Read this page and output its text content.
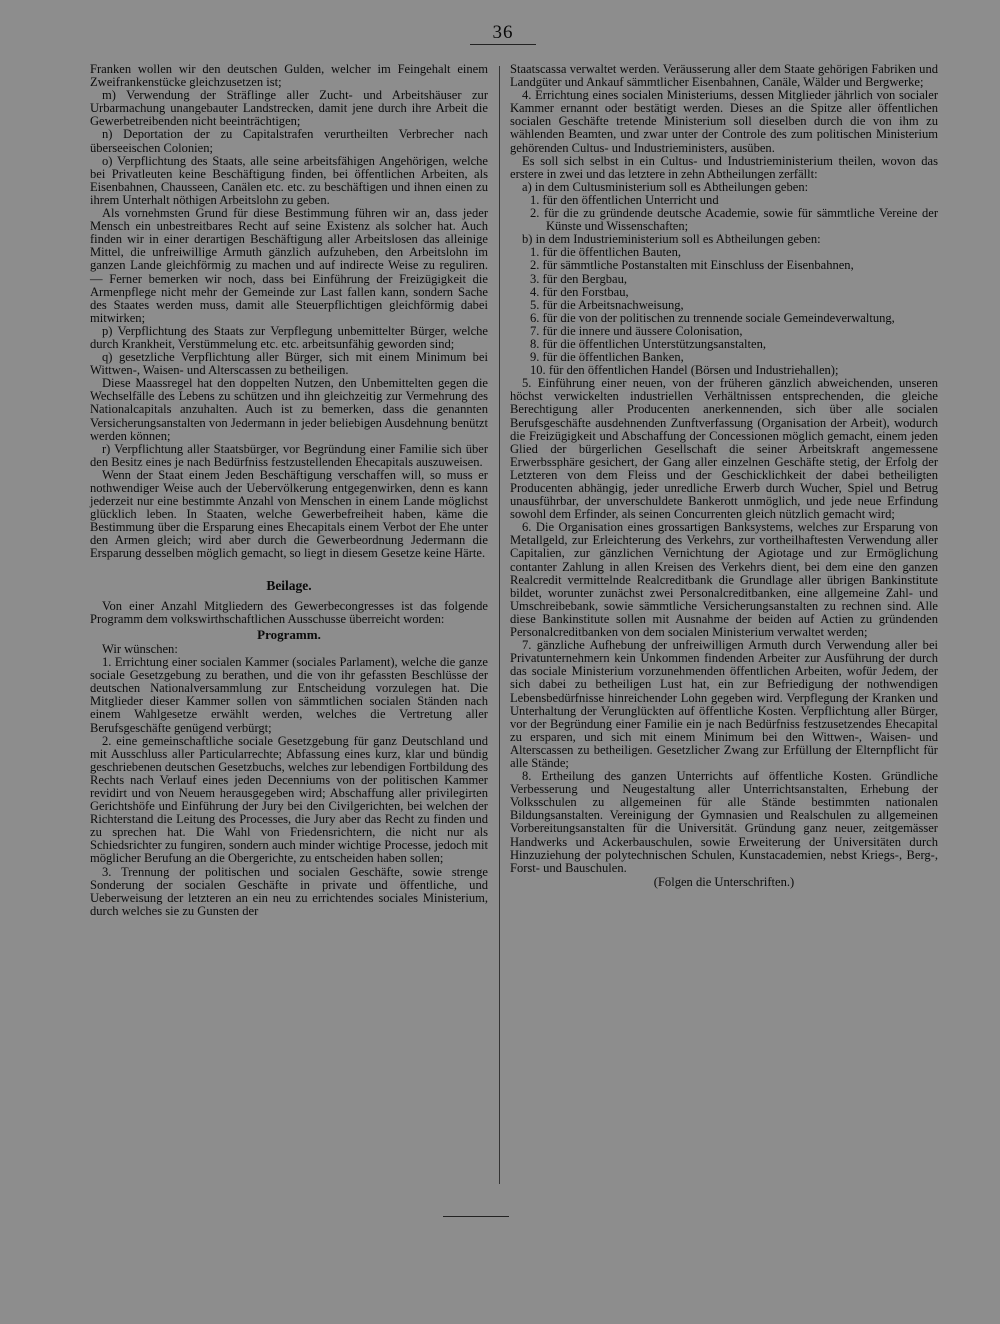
36

Franken wollen wir den deutschen Gulden, welcher im Feingehalt einem Zweifrankenstücke gleichzusetzen ist;

m) Verwendung der Sträflinge aller Zucht- und Arbeitshäuser zur Urbarmachung unangebauter Landstrecken, damit jene durch ihre Arbeit die Gewerbetreibenden nicht beeinträchtigen;

n) Deportation der zu Capitalstrafen verurtheilten Verbrecher nach überseeischen Colonien;

o) Verpflichtung des Staats, alle seine arbeitsfähigen Angehörigen, welche bei Privatleuten keine Beschäftigung finden, bei öffentlichen Arbeiten, als Eisenbahnen, Chausseen, Canälen etc. etc. zu beschäftigen und ihnen einen zu ihrem Unterhalt nöthigen Arbeitslohn zu geben.

Als vornehmsten Grund für diese Bestimmung führen wir an, dass jeder Mensch ein unbestreitbares Recht auf seine Existenz als solcher hat. Auch finden wir in einer derartigen Beschäftigung aller Arbeitslosen das alleinige Mittel, die unfreiwillige Armuth gänzlich aufzuheben, den Arbeitslohn im ganzen Lande gleichförmig zu machen und auf indirecte Weise zu reguliren. — Ferner bemerken wir noch, dass bei Einführung der Freizügigkeit die Armenpflege nicht mehr der Gemeinde zur Last fallen kann, sondern Sache des Staates werden muss, damit alle Steuerpflichtigen gleichförmig dabei mitwirken;

p) Verpflichtung des Staats zur Verpflegung unbemittelter Bürger, welche durch Krankheit, Verstümmelung etc. etc. arbeitsunfähig geworden sind;

q) gesetzliche Verpflichtung aller Bürger, sich mit einem Minimum bei Wittwen-, Waisen- und Alterscassen zu betheiligen.

Diese Maassregel hat den doppelten Nutzen, den Unbemittelten gegen die Wechselfälle des Lebens zu schützen und ihn gleichzeitig zur Vermehrung des Nationalcapitals anzuhalten. Auch ist zu bemerken, dass die genannten Versicherungsanstalten von Jedermann in jeder beliebigen Ausdehnung benützt werden können;

r) Verpflichtung aller Staatsbürger, vor Begründung einer Familie sich über den Besitz eines je nach Bedürfniss festzustellenden Ehecapitals auszuweisen.

Wenn der Staat einem Jeden Beschäftigung verschaffen will, so muss er nothwendiger Weise auch der Uebervölkerung entgegenwirken, denn es kann jederzeit nur eine bestimmte Anzahl von Menschen in einem Lande möglichst glücklich leben. In Staaten, welche Gewerbefreiheit haben, käme die Bestimmung über die Ersparung eines Ehecapitals einem Verbot der Ehe unter den Armen gleich; wird aber durch die Gewerbeordnung Jedermann die Ersparung desselben möglich gemacht, so liegt in diesem Gesetze keine Härte.

Beilage.

Von einer Anzahl Mitgliedern des Gewerbecongresses ist das folgende Programm dem volkswirthschaftlichen Ausschusse überreicht worden:

Programm.

Wir wünschen:

1. Errichtung einer socialen Kammer (sociales Parlament), welche die ganze sociale Gesetzgebung zu berathen, und die von ihr gefassten Beschlüsse der deutschen Nationalversammlung zur Entscheidung vorzulegen hat. Die Mitglieder dieser Kammer sollen von sämmtlichen socialen Ständen nach einem Wahlgesetze erwählt werden, welches die Vertretung aller Berufsgeschäfte genügend verbürgt;

2. eine gemeinschaftliche sociale Gesetzgebung für ganz Deutschland und mit Ausschluss aller Particularrechte; Abfassung eines kurz, klar und bündig geschriebenen deutschen Gesetzbuchs, welches zur lebendigen Fortbildung des Rechts nach Verlauf eines jeden Decenniums von der politischen Kammer revidirt und von Neuem herausgegeben wird; Abschaffung aller privilegirten Gerichtshöfe und Einführung der Jury bei den Civilgerichten, bei welchen der Richterstand die Leitung des Processes, die Jury aber das Recht zu finden und zu sprechen hat. Die Wahl von Friedensrichtern, die nicht nur als Schiedsrichter zu fungiren, sondern auch minder wichtige Processe, jedoch mit möglicher Berufung an die Obergerichte, zu entscheiden haben sollen;

3. Trennung der politischen und socialen Geschäfte, sowie strenge Sonderung der socialen Geschäfte in private und öffentliche, und Ueberweisung der letzteren an ein neu zu errichtendes sociales Ministerium, durch welches sie zu Gunsten der

Staatscassa verwaltet werden. Veräusserung aller dem Staate gehörigen Fabriken und Landgüter und Ankauf sämmtlicher Eisenbahnen, Canäle, Wälder und Bergwerke;

4. Errichtung eines socialen Ministeriums, dessen Mitglieder jährlich von socialer Kammer ernannt oder bestätigt werden. Dieses an die Spitze aller öffentlichen socialen Geschäfte tretende Ministerium soll dieselben durch die von ihm zu wählenden Beamten, und zwar unter der Controle des zum politischen Ministerium gehörenden Cultus- und Industrieministers, ausüben.

Es soll sich selbst in ein Cultus- und Industrieministerium theilen, wovon das erstere in zwei und das letztere in zehn Abtheilungen zerfällt:

a) in dem Cultusministerium soll es Abtheilungen geben:

1. für den öffentlichen Unterricht und

2. für die zu gründende deutsche Academie, sowie für sämmtliche Vereine der Künste und Wissenschaften;

b) in dem Industrieministerium soll es Abtheilungen geben:

1. für die öffentlichen Bauten,

2. für sämmtliche Postanstalten mit Einschluss der Eisenbahnen,

3. für den Bergbau,

4. für den Forstbau,

5. für die Arbeitsnachweisung,

6. für die von der politischen zu trennende sociale Gemeindeverwaltung,

7. für die innere und äussere Colonisation,

8. für die öffentlichen Unterstützungsanstalten,

9. für die öffentlichen Banken,

10. für den öffentlichen Handel (Börsen und Industriehallen);

5. Einführung einer neuen, von der früheren gänzlich abweichenden, unseren höchst verwickelten industriellen Verhältnissen entsprechenden, die gleiche Berechtigung aller Producenten anerkennenden, sich über alle socialen Berufsgeschäfte ausdehnenden Zunftverfassung (Organisation der Arbeit), wodurch die Freizügigkeit und Abschaffung der Concessionen möglich gemacht, einem jeden Glied der bürgerlichen Gesellschaft die seiner Arbeitskraft angemessene Erwerbssphäre gesichert, der Gang aller einzelnen Geschäfte stetig, der Erfolg der Letzteren von dem Fleiss und der Geschicklichkeit der dabei betheiligten Producenten abhängig, jeder unredliche Erwerb durch Wucher, Spiel und Betrug unausführbar, der unverschuldete Bankerott unmöglich, und jede neue Erfindung sowohl dem Erfinder, als seinen Concurrenten gleich nützlich gemacht wird;

6. Die Organisation eines grossartigen Banksystems, welches zur Ersparung von Metallgeld, zur Erleichterung des Verkehrs, zur vortheilhaftesten Verwendung aller Capitalien, zur gänzlichen Vernichtung der Agiotage und zur Ermöglichung contanter Zahlung in allen Kreisen des Verkehrs dient, bei dem eine den ganzen Realcredit vermittelnde Realcreditbank die Grundlage aller übrigen Bankinstitute bildet, worunter zunächst zwei Personalcreditbanken, eine allgemeine Zahl- und Umschreibebank, sowie sämmtliche Versicherungsanstalten zu rechnen sind. Alle diese Bankinstitute sollen mit Ausnahme der beiden auf Actien zu gründenden Personalcreditbanken von dem socialen Ministerium verwaltet werden;

7. gänzliche Aufhebung der unfreiwilligen Armuth durch Verwendung aller bei Privatunternehmern kein Unkommen findenden Arbeiter zur Ausführung der durch das sociale Ministerium vorzunehmenden öffentlichen Arbeiten, wofür Jedem, der sich dabei zu betheiligen Lust hat, ein zur Befriedigung der nothwendigen Lebensbedürfnisse hinreichender Lohn gegeben wird. Verpflegung der Kranken und Unterhaltung der Verunglückten auf öffentliche Kosten. Verpflichtung aller Bürger, vor der Begründung einer Familie ein je nach Bedürfniss festzusetzendes Ehecapital zu ersparen, und sich mit einem Minimum bei den Wittwen-, Waisen- und Alterscassen zu betheiligen. Gesetzlicher Zwang zur Erfüllung der Elternpflicht für alle Stände;

8. Ertheilung des ganzen Unterrichts auf öffentliche Kosten. Gründliche Verbesserung und Neugestaltung aller Unterrichtsanstalten, Erhebung der Volksschulen zu allgemeinen für alle Stände bestimmten nationalen Bildungsanstalten. Vereinigung der Gymnasien und Realschulen zu allgemeinen Vorbereitungsanstalten für die Universität. Gründung ganz neuer, zeitgemässer Handwerks und Ackerbauschulen, sowie Erweiterung der Universitäten durch Hinzuziehung der polytechnischen Schulen, Kunstacademien, nebst Kriegs-, Berg-, Forst- und Bauschulen.

(Folgen die Unterschriften.)
